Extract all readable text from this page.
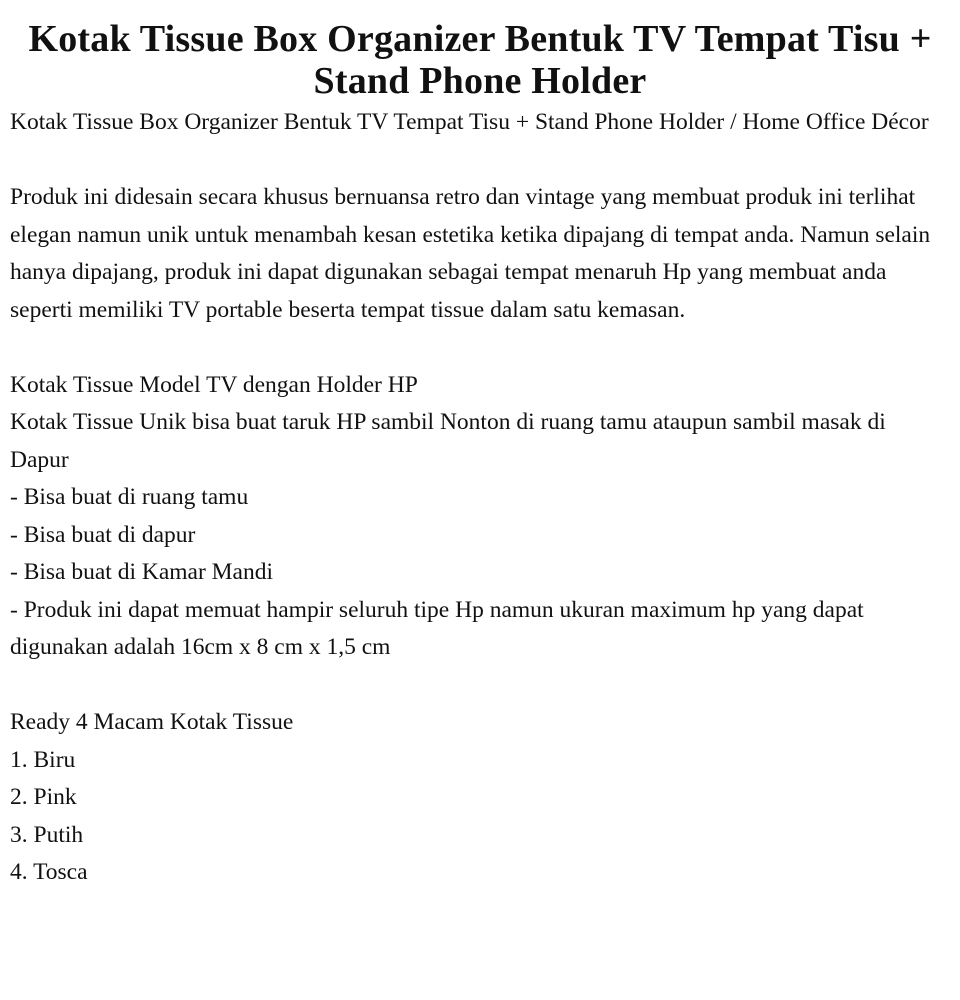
Kotak Tissue Box Organizer Bentuk TV Tempat Tisu + Stand Phone Holder
Kotak Tissue Box Organizer Bentuk TV Tempat Tisu + Stand Phone Holder / Home Office Décor
Produk ini didesain secara khusus bernuansa retro dan vintage yang membuat produk ini terlihat elegan namun unik untuk menambah kesan estetika ketika dipajang di tempat anda. Namun selain hanya dipajang, produk ini dapat digunakan sebagai tempat menaruh Hp yang membuat anda seperti memiliki TV portable beserta tempat tissue dalam satu kemasan.
Kotak Tissue Model TV dengan Holder HP
Kotak Tissue Unik bisa buat taruk HP sambil Nonton di ruang tamu ataupun sambil masak di Dapur
- Bisa buat di ruang tamu
- Bisa buat di dapur
- Bisa buat di Kamar Mandi
- Produk ini dapat memuat hampir seluruh tipe Hp namun ukuran maximum hp yang dapat digunakan adalah 16cm x 8 cm x 1,5 cm
Ready 4 Macam Kotak Tissue
1. Biru
2. Pink
3. Putih
4. Tosca
